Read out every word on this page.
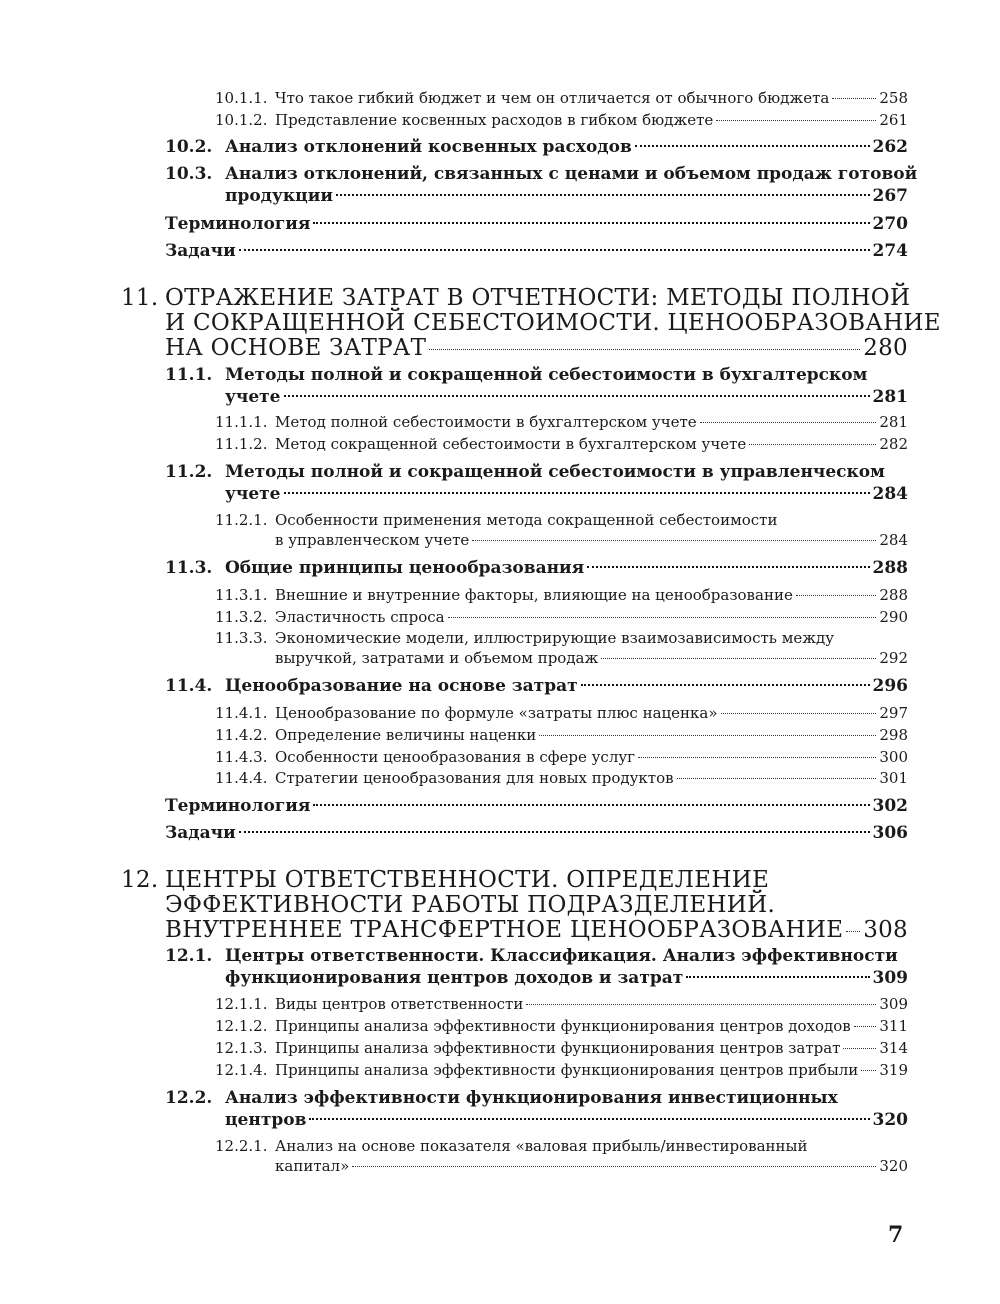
10.1.1. Что такое гибкий бюджет и чем он отличается от обычного бюджета	258
10.1.2. Представление косвенных расходов в гибком бюджете	261
10.2. Анализ отклонений косвенных расходов	262
10.3. Анализ отклонений, связанных с ценами и объемом продаж готовой
продукции	267
Терминология	270
Задачи	274
11. ОТРАЖЕНИЕ ЗАТРАТ В ОТЧЕТНОСТИ: МЕТОДЫ ПОЛНОЙ
И СОКРАЩЕННОЙ СЕБЕСТОИМОСТИ. ЦЕНООБРАЗОВАНИЕ
НА ОСНОВЕ ЗАТРАТ	280
11.1. Методы полной и сокращенной себестоимости в бухгалтерском
учете	281
11.1.1. Метод полной себестоимости в бухгалтерском учете	281
11.1.2. Метод сокращенной себестоимости в бухгалтерском учете	282
11.2. Методы полной и сокращенной себестоимости в управленческом
учете	284
11.2.1. Особенности применения метода сокращенной себестоимости
в управленческом учете	284
11.3. Общие принципы ценообразования	288
11.3.1. Внешние и внутренние факторы, влияющие на ценообразование	288
11.3.2. Эластичность спроса	290
11.3.3. Экономические модели, иллюстрирующие взаимозависимость между
выручкой, затратами и объемом продаж	292
11.4. Ценообразование на основе затрат	296
11.4.1. Ценообразование по формуле «затраты плюс наценка»	297
11.4.2. Определение величины наценки	298
11.4.3. Особенности ценообразования в сфере услуг	300
11.4.4. Стратегии ценообразования для новых продуктов	301
Терминология	302
Задачи	306
12. ЦЕНТРЫ ОТВЕТСТВЕННОСТИ. ОПРЕДЕЛЕНИЕ
ЭФФЕКТИВНОСТИ РАБОТЫ ПОДРАЗДЕЛЕНИЙ.
ВНУТРЕННЕЕ ТРАНСФЕРТНОЕ ЦЕНООБРАЗОВАНИЕ 308
12.1. Центры ответственности. Классификация. Анализ эффективности
функционирования центров доходов и затрат	309
12.1.1. Виды центров ответственности	309
12.1.2. Принципы анализа эффективности функционирования центров доходов 311
12.1.3. Принципы анализа эффективности функционирования центров затрат	314
12.1.4. Принципы анализа эффективности функционирования центров прибыли 319
12.2. Анализ эффективности функционирования инвестиционных
центров	320
12.2.1. Анализ на основе показателя «валовая прибыль/инвестированный
капитал»	320
7
